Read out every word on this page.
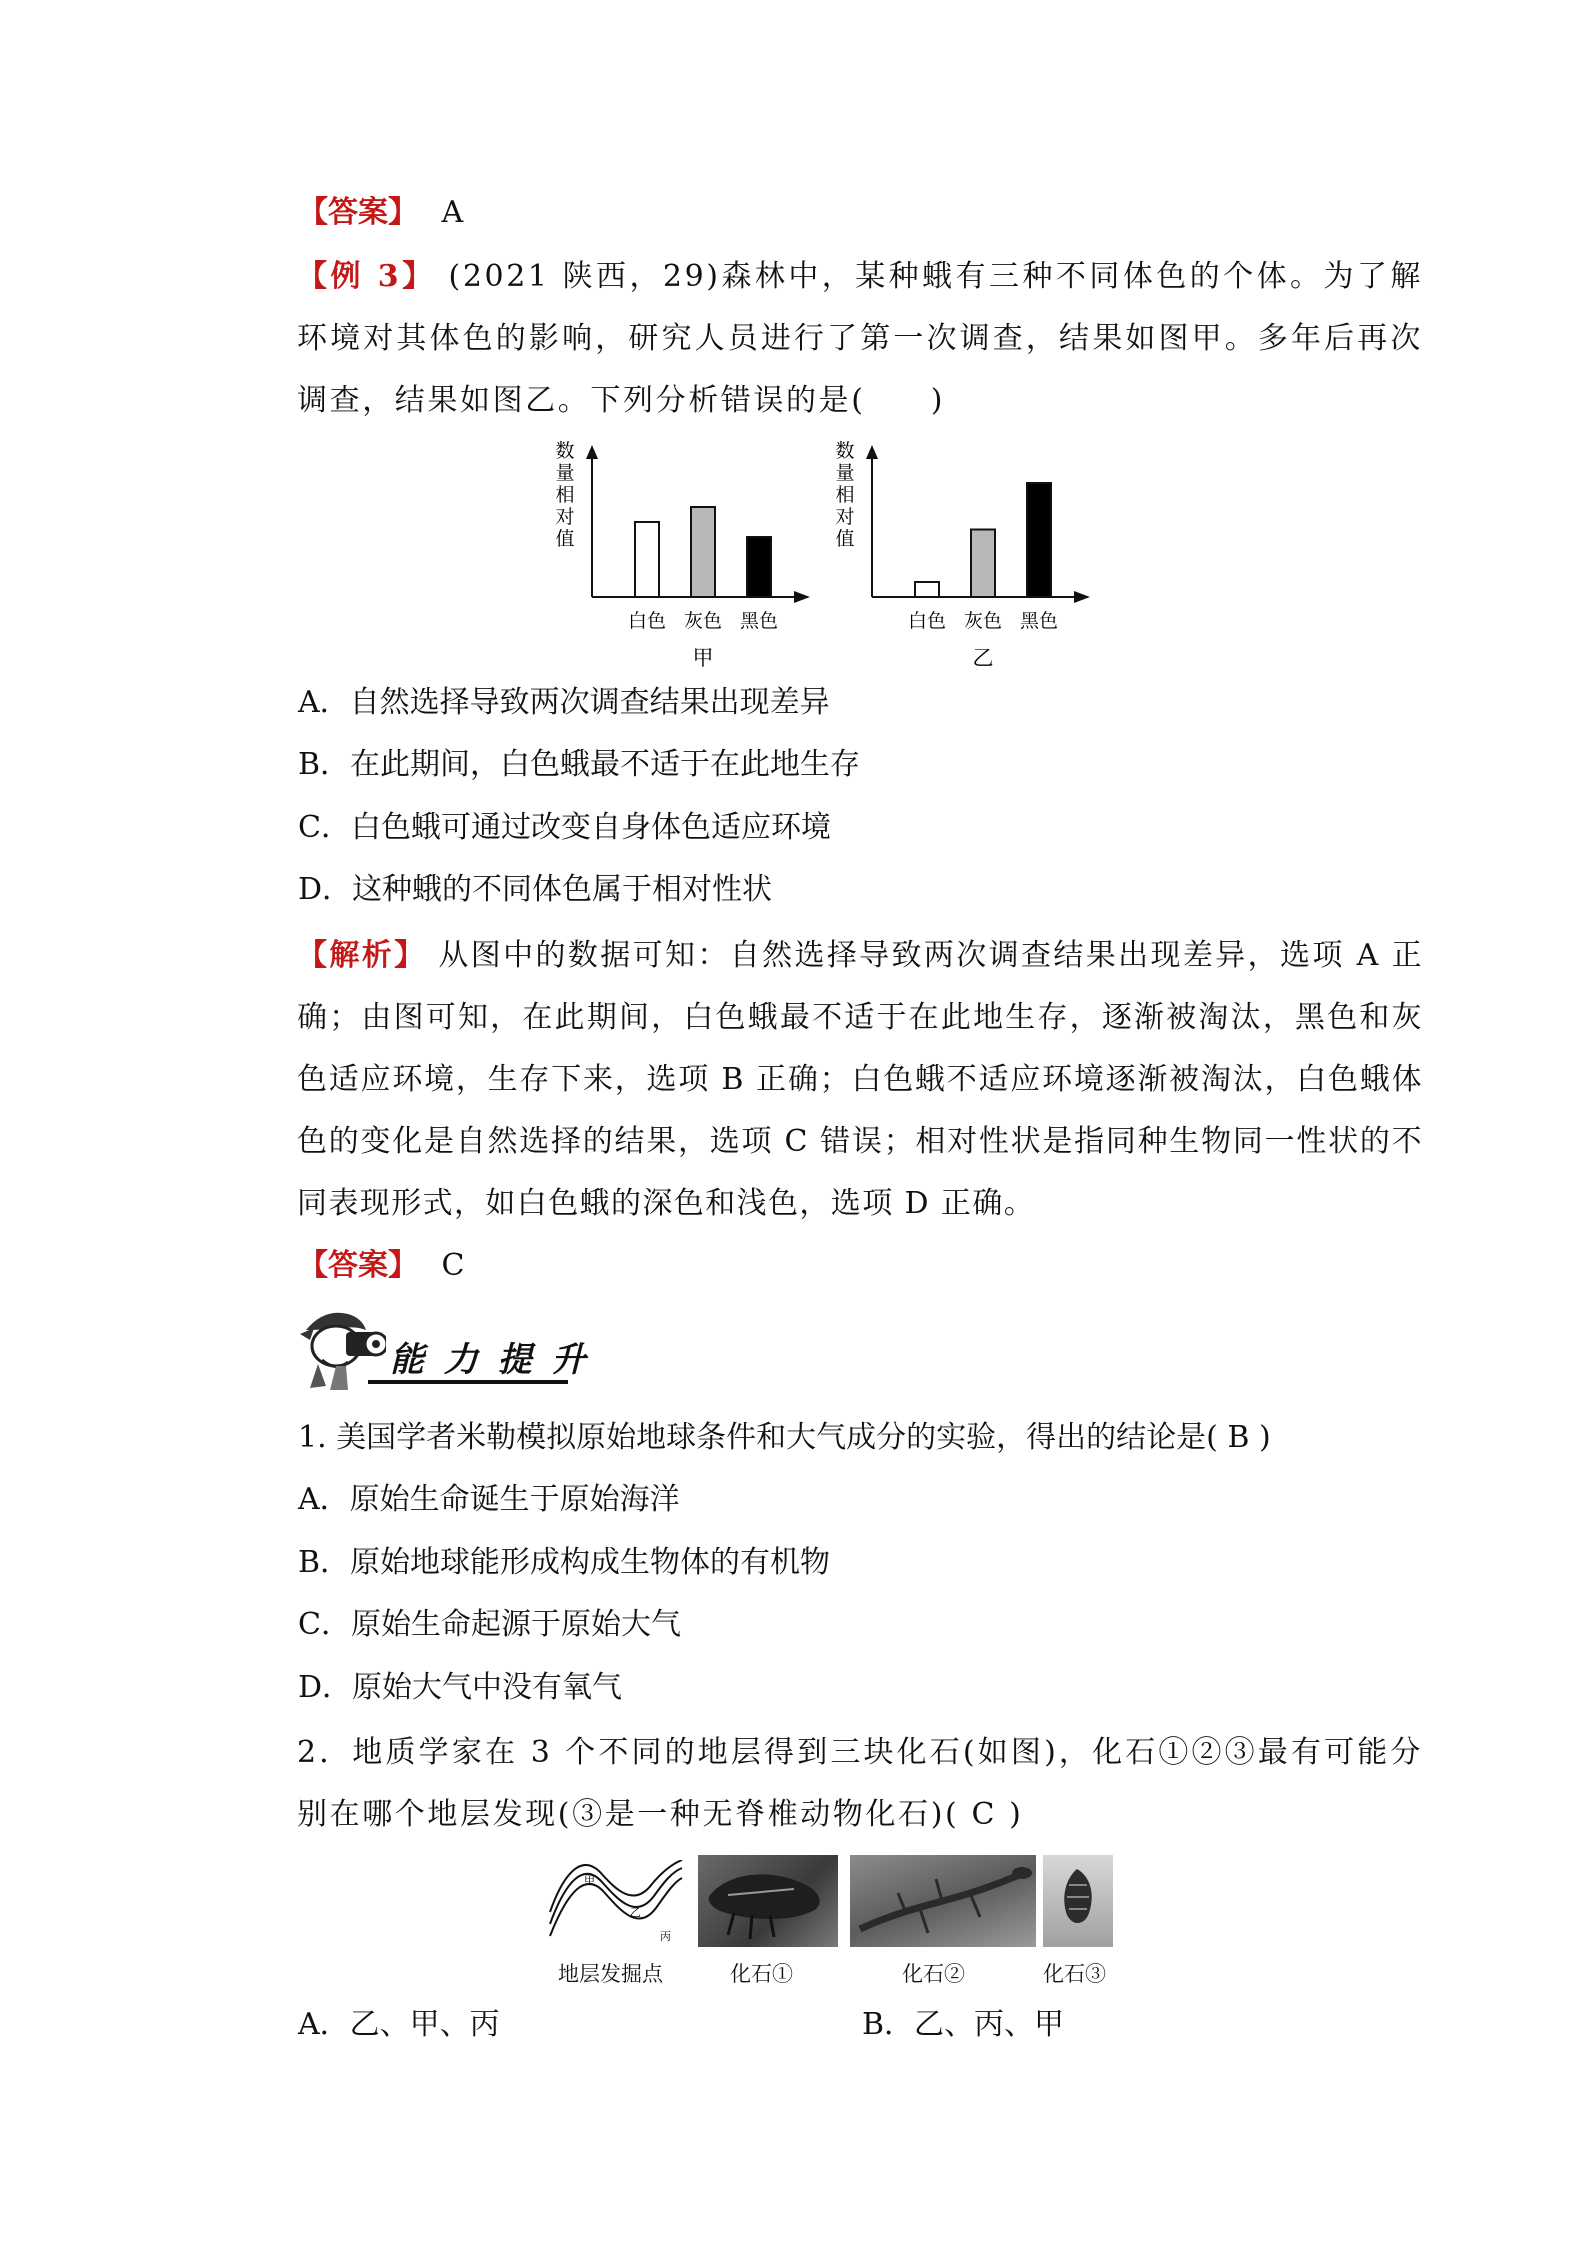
【答案】 A
【例 3】 (2021 陕西，29)森林中，某种蛾有三种不同体色的个体。为了解环境对其体色的影响，研究人员进行了第一次调查，结果如图甲。多年后再次调查，结果如图乙。下列分析错误的是(　　)
数
量
相
对
值
白色 灰色 黑色
甲
数
量
相
对
值
白色 灰色 黑色
乙
A．自然选择导致两次调查结果出现差异
B．在此期间，白色蛾最不适于在此地生存
C．白色蛾可通过改变自身体色适应环境
D．这种蛾的不同体色属于相对性状
【解析】 从图中的数据可知：自然选择导致两次调查结果出现差异，选项 A 正确；由图可知，在此期间，白色蛾最不适于在此地生存，逐渐被淘汰，黑色和灰色适应环境，生存下来，选项 B 正确；白色蛾不适应环境逐渐被淘汰，白色蛾体色的变化是自然选择的结果，选项 C 错误；相对性状是指同种生物同一性状的不同表现形式，如白色蛾的深色和浅色，选项 D 正确。
【答案】 C
能 力 提 升
1. 美国学者米勒模拟原始地球条件和大气成分的实验，得出的结论是( B )
A．原始生命诞生于原始海洋
B．原始地球能形成构成生物体的有机物
C．原始生命起源于原始大气
D．原始大气中没有氧气
2．地质学家在 3 个不同的地层得到三块化石(如图)，化石①②③最有可能分别在哪个地层发现(③是一种无脊椎动物化石)( C )
甲
乙
丙
地层发掘点	化石①	化石②	化石③
A．乙、甲、丙	B．乙、丙、甲
